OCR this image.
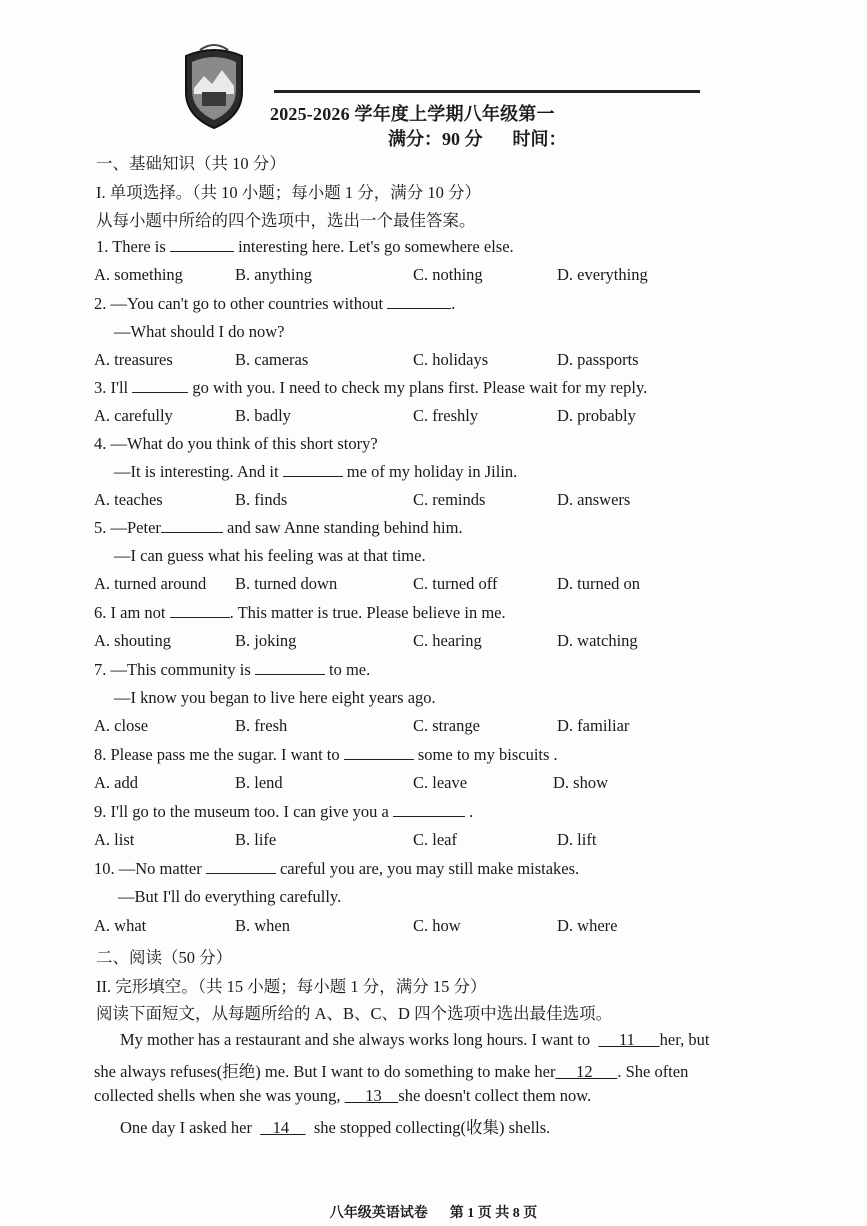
2025-2026 学年度上学期八年级第一
满分：90 分 时间：
一、基础知识（共 10 分）
I. 单项选择。（共 10 小题；每小题 1 分，满分 10 分）
从每小题中所给的四个选项中，选出一个最佳答案。
1. There is	interesting here. Let's go somewhere else.
A. something	B. anything	C. nothing	D. everything
2. —You can't go to other countries without	.
—What should I do now?
A. treasures	B. cameras	C. holidays	D. passports
3. I'll	go with you. I need to check my plans first. Please wait for my reply.
A. carefully	B. badly	C. freshly	D. probably
4. —What do you think of this short story?
—It is interesting. And it	me of my holiday in Jilin.
A. teaches	B. finds	C. reminds	D. answers
5. —Peter	and saw Anne standing behind him.
—I can guess what his feeling was at that time.
A. turned around B. turned down	C. turned off	D. turned on
6. I am not	. This matter is true. Please believe in me.
A. shouting	B. joking	C. hearing	D. watching
7. —This community is	to me.
—I know you began to live here eight years ago.
A. close	B. fresh	C. strange	D. familiar
8. Please pass me the sugar. I want to	some to my biscuits .
A. add	B. lend	C. leave	D. show
9. I'll go to the museum too. I can give you a	.
A. list	B. life	C. leaf	D. lift
10. —No matter	careful you are, you may still make mistakes.
—But I'll do everything carefully.
A. what	B. when	C. how	D. where
二、阅读（50 分）
II. 完形填空。（共 15 小题；每小题 1 分，满分 15 分）
阅读下面短文，从每题所给的 A、B、C、D 四个选项中选出最佳选项。
My mother has a restaurant and she always works long hours. I want to 11 her, but
she always refuses(拒绝) me. But I want to do something to make her 12 . She often
collected shells when she was young, 13 she doesn't collect them now.
One day I asked her 14 she stopped collecting(收集) shells.
八年级英语试卷 第 1 页 共 8 页
